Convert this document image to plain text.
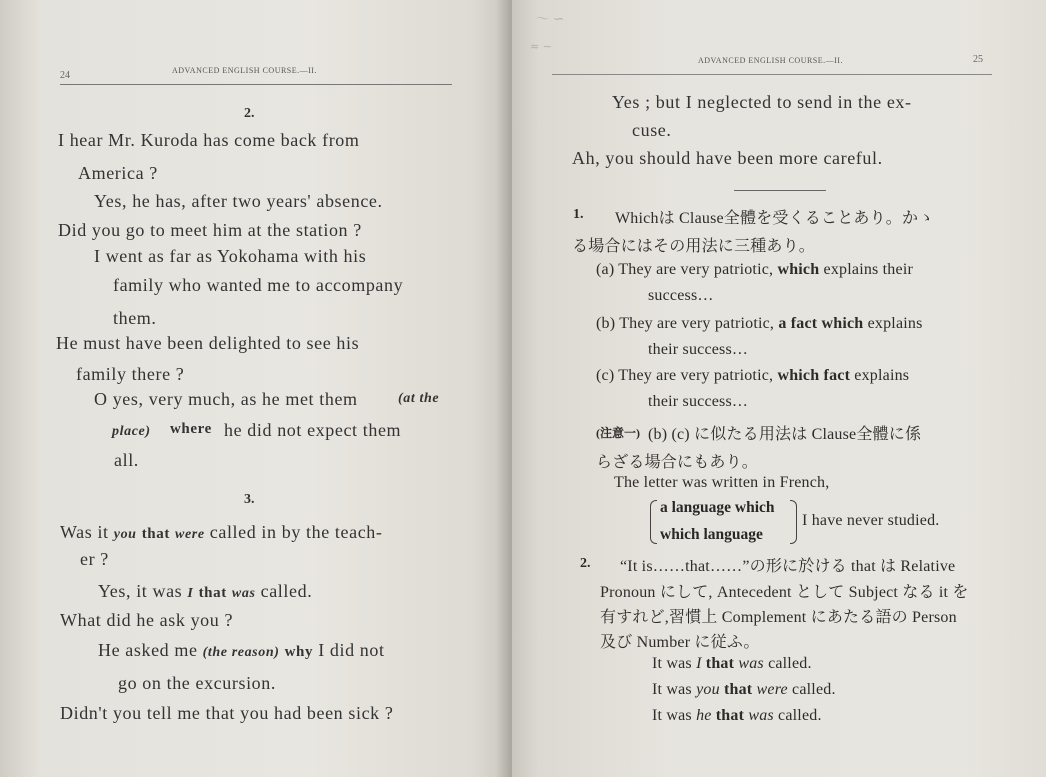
24	ADVANCED ENGLISH COURSE.—II.
2.
I hear Mr. Kuroda has come back from
America ?
Yes, he has, after two years' absence.
Did you go to meet him at the station ?
I went as far as Yokohama with his
family who wanted me to accompany
them.
He must have been delighted to see his
family there ?
O yes, very much, as he met them	(at the
place) where he did not expect them
all.
3.
Was it you that were called in by the teach-
er ?
Yes, it was I that was called.
What did he ask you ?
He asked me (the reason) why I did not
go on the excursion.
Didn't you tell me that you had been sick ?
〜 ∽
≈ ∼
ADVANCED ENGLISH COURSE.—II.	25
Yes ; but I neglected to send in the ex-
cuse.
Ah, you should have been more careful.
1. Whichは Clause全體を受くることあり。かゝ
る場合にはその用法に三種あり。
(a) They are very patriotic, which explains their
success…
(b) They are very patriotic, a fact which explains
their success…
(c) They are very patriotic, which fact explains
their success…
(注意一) (b) (c) に似たる用法は Clause全體に係
らざる場合にもあり。
The letter was written in French,
a language which
which language
I have never studied.
2. “It is……that……”の形に於ける that は Relative
Pronoun にして, Antecedent として Subject なる it を
有すれど,習慣上 Complement にあたる語の Person
及び Number に従ふ。
It was I that was called.
It was you that were called.
It was he that was called.
